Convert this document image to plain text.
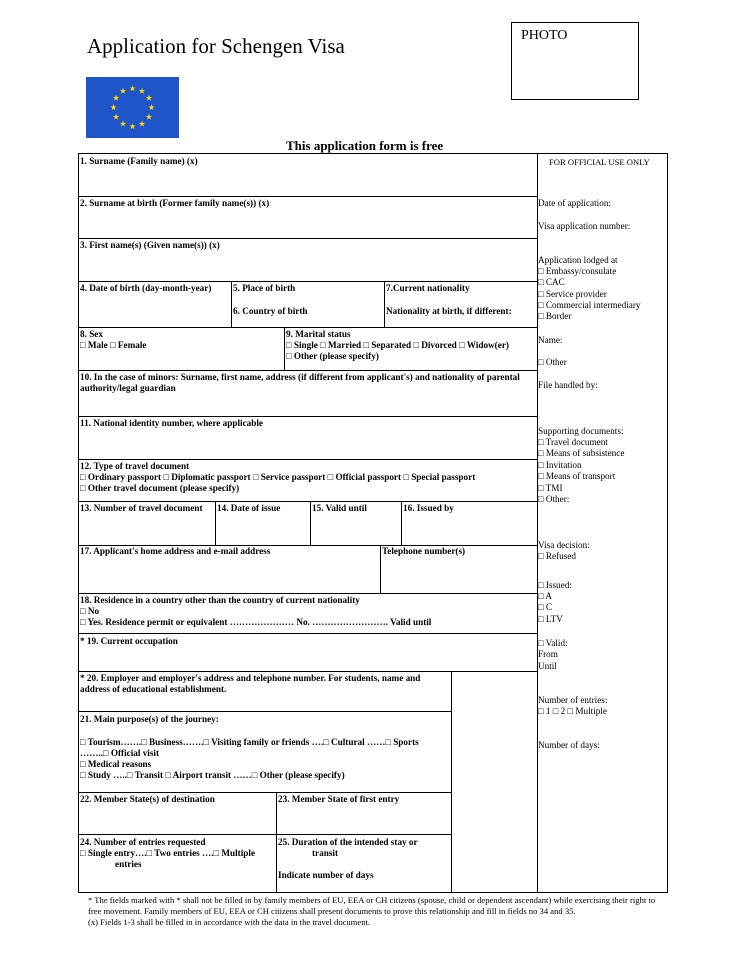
Application for Schengen Visa	PHOTO
This application form is free
1. Surname (Family name) (x)
2. Surname at birth (Former family name(s)) (x)
3. First name(s) (Given name(s)) (x)
4. Date of birth (day-month-year) 5. Place of birth
6. Country of birth
7.Current nationality
Nationality at birth, if different:
8. Sex
□ Male □ Female
9. Marital status
□ Single □ Married □ Separated □ Divorced □ Widow(er)
□ Other (please specify)
10. In the case of minors: Surname, first name, address (if different from applicant's) and nationality of parental authority/legal guardian
11. National identity number, where applicable
12. Type of travel document
□ Ordinary passport □ Diplomatic passport □ Service passport □ Official passport □ Special passport
□ Other travel document (please specify)
13. Number of travel document 14. Date of issue	15. Valid until	16. Issued by
17. Applicant's home address and e-mail address	Telephone number(s)
18. Residence in a country other than the country of current nationality
□ No
□ Yes. Residence permit or equivalent ………………… No. ……………………. Valid until
* 19. Current occupation
* 20. Employer and employer's address and telephone number. For students, name and address of educational establishment.
21. Main purpose(s) of the journey:
□ Tourism…….□ Business…….□ Visiting family or friends ….□ Cultural ……□ Sports
……..□ Official visit
□ Medical reasons
□ Study …..□ Transit □ Airport transit ……□ Other (please specify)
22. Member State(s) of destination	23. Member State of first entry
24. Number of entries requested
□ Single entry….□ Two entries ….□ Multiple
entries
25. Duration of the intended stay or
transit
Indicate number of days
FOR OFFICIAL USE ONLY
Date of application:
Visa application number:
Application lodged at
□ Embassy/consulate
□ CAC
□ Service provider
□ Commercial intermediary
□ Border
Name:
□ Other
File handled by:
Supporting documents:
□ Travel document
□ Means of subsistence
□ Invitation
□ Means of transport
□ TMI
□ Other:
Visa decision:
□ Refused
□ Issued:
□ A
□ C
□ LTV
□ Valid:
From
Until
Number of entries:
□ 1 □ 2 □ Multiple
Number of days:
* The fields marked with * shall not be filled in by family members of EU, EEA or CH citizens (spouse, child or dependent ascendant) while exercising their right to free movement. Family members of EU, EEA or CH citizens shall present documents to prove this relationship and fill in fields no 34 and 35.
(x) Fields 1-3 shall be filled in in accordance with the data in the travel document.
